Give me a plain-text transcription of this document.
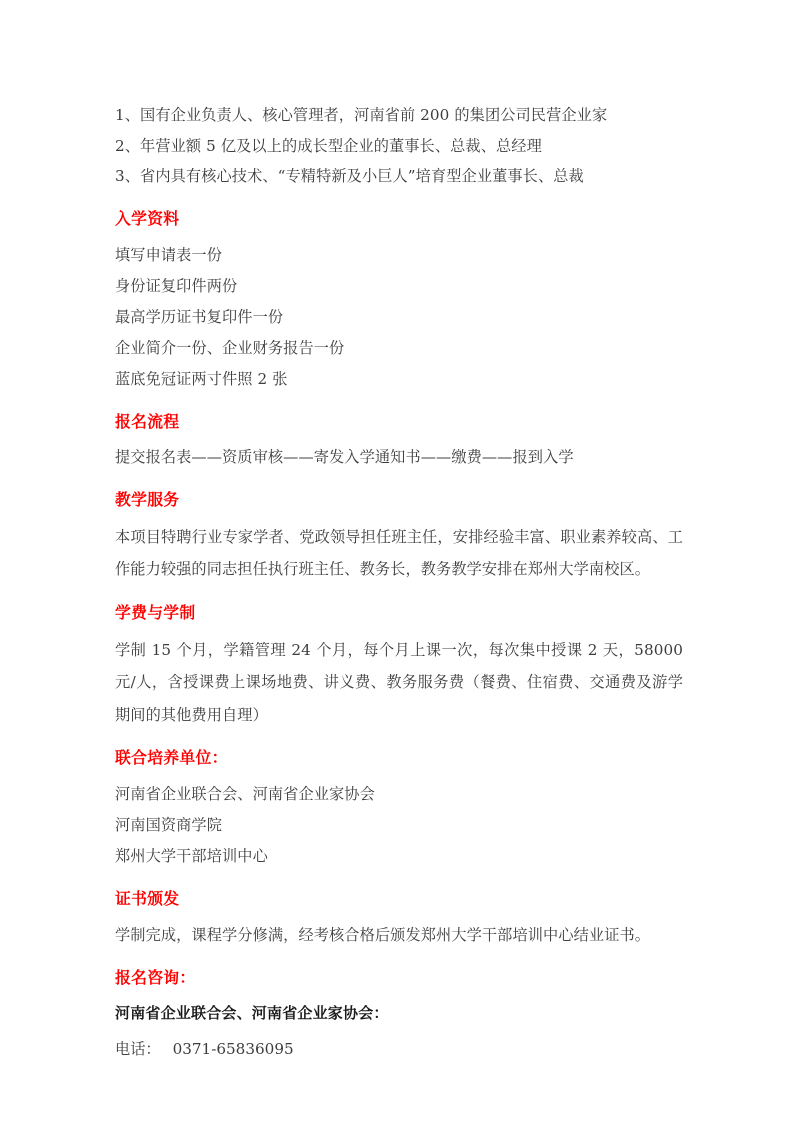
1、国有企业负责人、核心管理者，河南省前 200 的集团公司民营企业家
2、年营业额 5 亿及以上的成长型企业的董事长、总裁、总经理
3、省内具有核心技术、“专精特新及小巨人”培育型企业董事长、总裁
入学资料
填写申请表一份
身份证复印件两份
最高学历证书复印件一份
企业简介一份、企业财务报告一份
蓝底免冠证两寸件照 2 张
报名流程
提交报名表——资质审核——寄发入学通知书——缴费——报到入学
教学服务
本项目特聘行业专家学者、党政领导担任班主任，安排经验丰富、职业素养较高、工作能力较强的同志担任执行班主任、教务长，教务教学安排在郑州大学南校区。
学费与学制
学制 15 个月，学籍管理 24 个月，每个月上课一次，每次集中授课 2 天，58000 元/人，含授课费上课场地费、讲义费、教务服务费（餐费、住宿费、交通费及游学期间的其他费用自理）
联合培养单位：
河南省企业联合会、河南省企业家协会
河南国资商学院
郑州大学干部培训中心
证书颁发
学制完成，课程学分修满，经考核合格后颁发郑州大学干部培训中心结业证书。
报名咨询：
河南省企业联合会、河南省企业家协会：
电话： 0371-65836095
